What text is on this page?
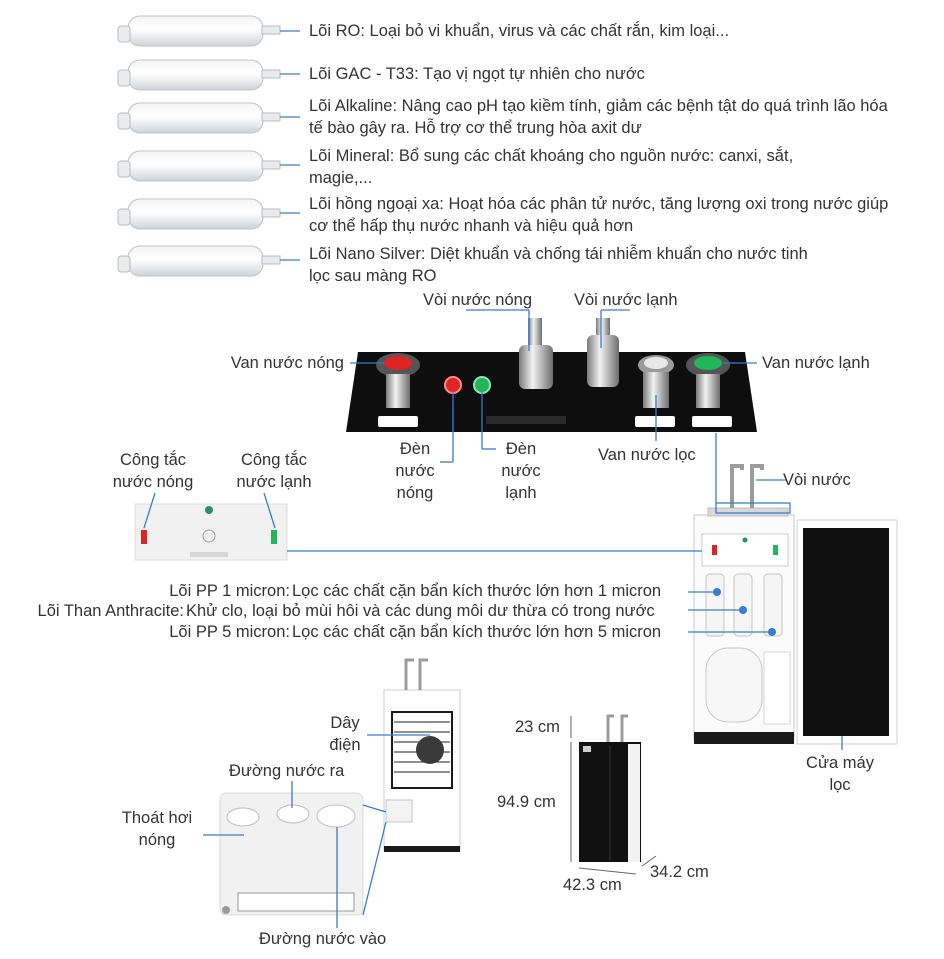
Lõi RO: Loại bỏ vi khuẩn, virus và các chất rắn, kim loại...
Lõi GAC - T33: Tạo vị ngọt tự nhiên cho nước
Lõi Alkaline: Nâng cao pH tạo kiềm tính, giảm các bệnh tật do quá trình lão hóa tế bào gây ra. Hỗ trợ cơ thể trung hòa axit dư
Lõi Mineral: Bổ sung các chất khoáng cho nguồn nước: canxi, sắt, magie,...
Lõi hồng ngoại xa: Hoạt hóa các phân tử nước, tăng lượng oxi trong nước giúp cơ thể hấp thụ nước nhanh và hiệu quả hơn
Lõi Nano Silver: Diệt khuẩn và chống tái nhiễm khuẩn cho nước tinh lọc sau màng RO
Vòi nước nóng	Vòi nước lạnh
Van nước nóng	Van nước lạnh
Đèn nước nóng
Đèn nước lạnh
Van nước lọc
Vòi nước
Công tắc nước nóng
Công tắc nước lạnh
Lõi PP 1 micron: Lọc các chất cặn bẩn kích thước lớn hơn 1 micron
Lõi Than Anthracite: Khử clo, loại bỏ mùi hôi và các dung môi dư thừa có trong nước
Lõi PP 5 micron: Lọc các chất cặn bẩn kích thước lớn hơn 5 micron
Cửa máy lọc
Dây điện
Đường nước ra
Thoát hơi nóng
Đường nước vào
23 cm
94.9 cm
42.3 cm
34.2 cm
